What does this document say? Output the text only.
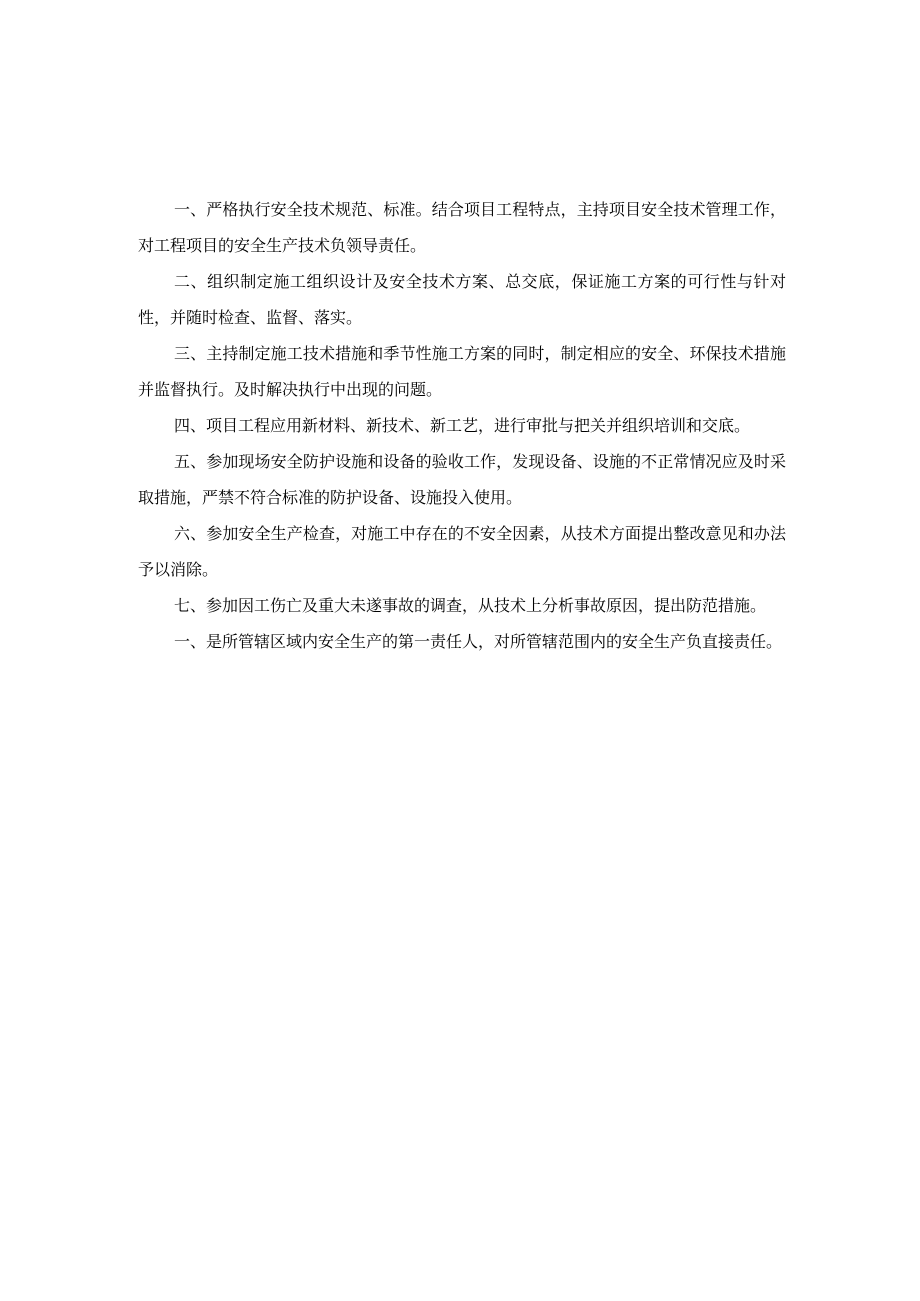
一、严格执行安全技术规范、标准。结合项目工程特点，主持项目安全技术管理工作，对工程项目的安全生产技术负领导责任。

二、组织制定施工组织设计及安全技术方案、总交底，保证施工方案的可行性与针对性，并随时检查、监督、落实。

三、主持制定施工技术措施和季节性施工方案的同时，制定相应的安全、环保技术措施并监督执行。及时解决执行中出现的问题。

四、项目工程应用新材料、新技术、新工艺，进行审批与把关并组织培训和交底。

五、参加现场安全防护设施和设备的验收工作，发现设备、设施的不正常情况应及时采取措施，严禁不符合标准的防护设备、设施投入使用。

六、参加安全生产检查，对施工中存在的不安全因素，从技术方面提出整改意见和办法予以消除。

七、参加因工伤亡及重大未遂事故的调查，从技术上分析事故原因，提出防范措施。

一、是所管辖区域内安全生产的第一责任人，对所管辖范围内的安全生产负直接责任。
